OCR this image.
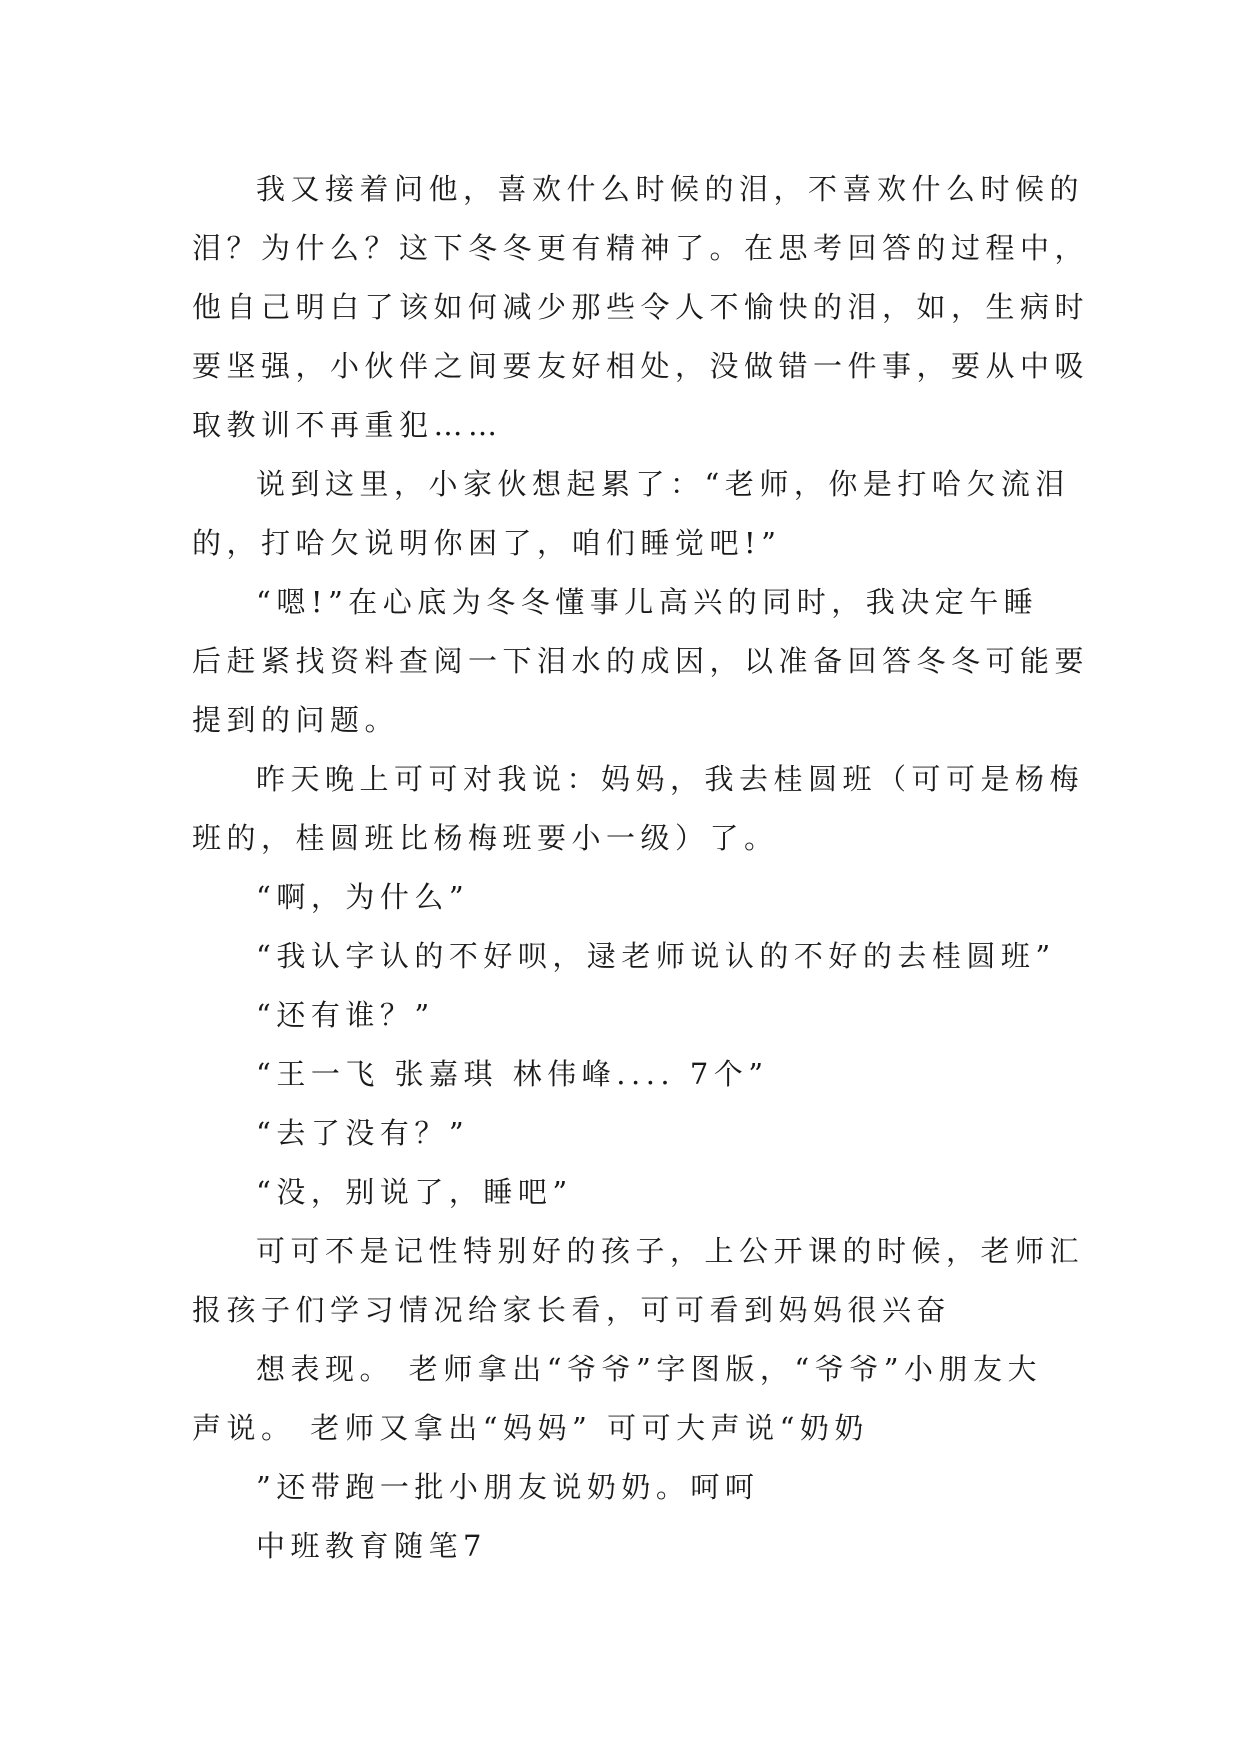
我又接着问他，喜欢什么时候的泪，不喜欢什么时候的
泪？为什么？这下冬冬更有精神了。在思考回答的过程中，
他自己明白了该如何减少那些令人不愉快的泪，如，生病时
要坚强，小伙伴之间要友好相处，没做错一件事，要从中吸
取教训不再重犯……
说到这里，小家伙想起累了：“老师，你是打哈欠流泪
的，打哈欠说明你困了，咱们睡觉吧!”
“嗯!”在心底为冬冬懂事儿高兴的同时，我决定午睡
后赶紧找资料查阅一下泪水的成因，以准备回答冬冬可能要
提到的问题。
昨天晚上可可对我说：妈妈，我去桂圆班（可可是杨梅
班的，桂圆班比杨梅班要小一级）了。
“啊，为什么”
“我认字认的不好呗，逯老师说认的不好的去桂圆班”
“还有谁？”
“王一飞 张嘉琪 林伟峰.... 7个”
“去了没有？”
“没，别说了，睡吧”
可可不是记性特别好的孩子，上公开课的时候，老师汇
报孩子们学习情况给家长看，可可看到妈妈很兴奋
想表现。 老师拿出“爷爷”字图版，“爷爷”小朋友大
声说。 老师又拿出“妈妈” 可可大声说“奶奶
”还带跑一批小朋友说奶奶。呵呵
中班教育随笔7
